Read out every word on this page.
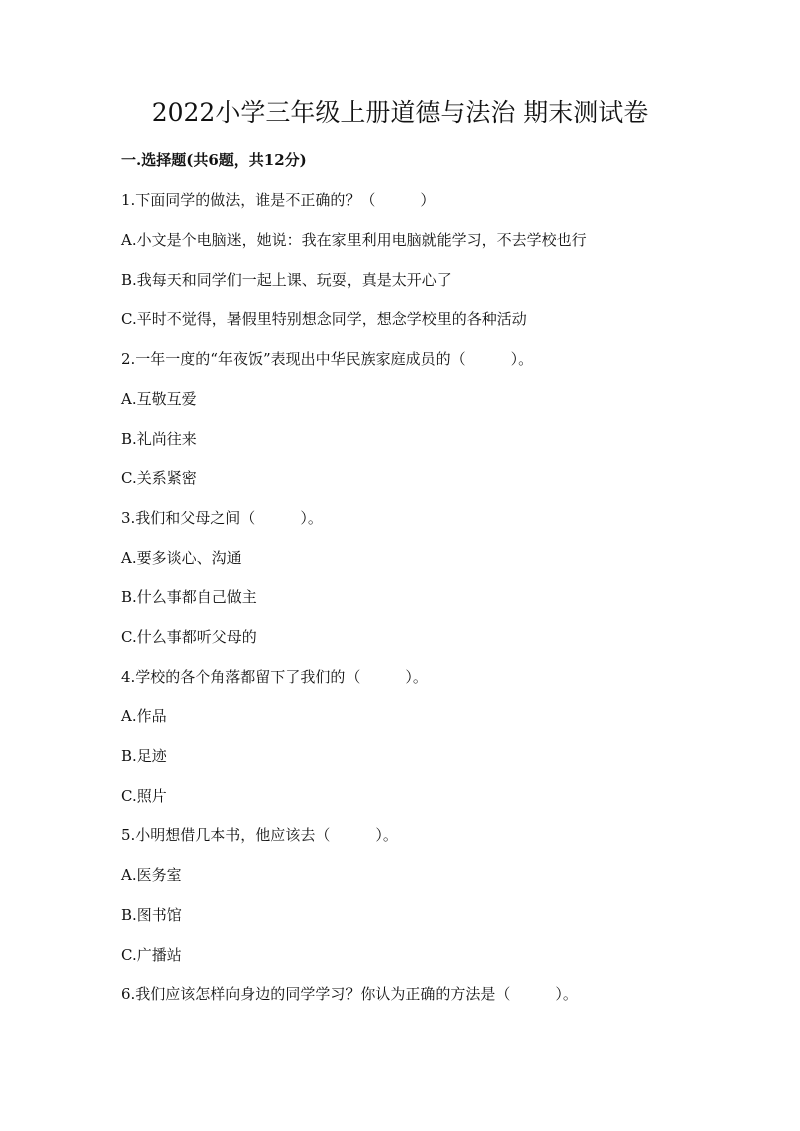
2022小学三年级上册道德与法治 期末测试卷
一.选择题(共6题，共12分)
1.下面同学的做法，谁是不正确的？（　　　）
A.小文是个电脑迷，她说：我在家里利用电脑就能学习，不去学校也行
B.我每天和同学们一起上课、玩耍，真是太开心了
C.平时不觉得，暑假里特别想念同学，想念学校里的各种活动
2.一年一度的“年夜饭”表现出中华民族家庭成员的（　　　）。
A.互敬互爱
B.礼尚往来
C.关系紧密
3.我们和父母之间（　　　）。
A.要多谈心、沟通
B.什么事都自己做主
C.什么事都听父母的
4.学校的各个角落都留下了我们的（　　　）。
A.作品
B.足迹
C.照片
5.小明想借几本书，他应该去（　　　）。
A.医务室
B.图书馆
C.广播站
6.我们应该怎样向身边的同学学习？你认为正确的方法是（　　　）。
